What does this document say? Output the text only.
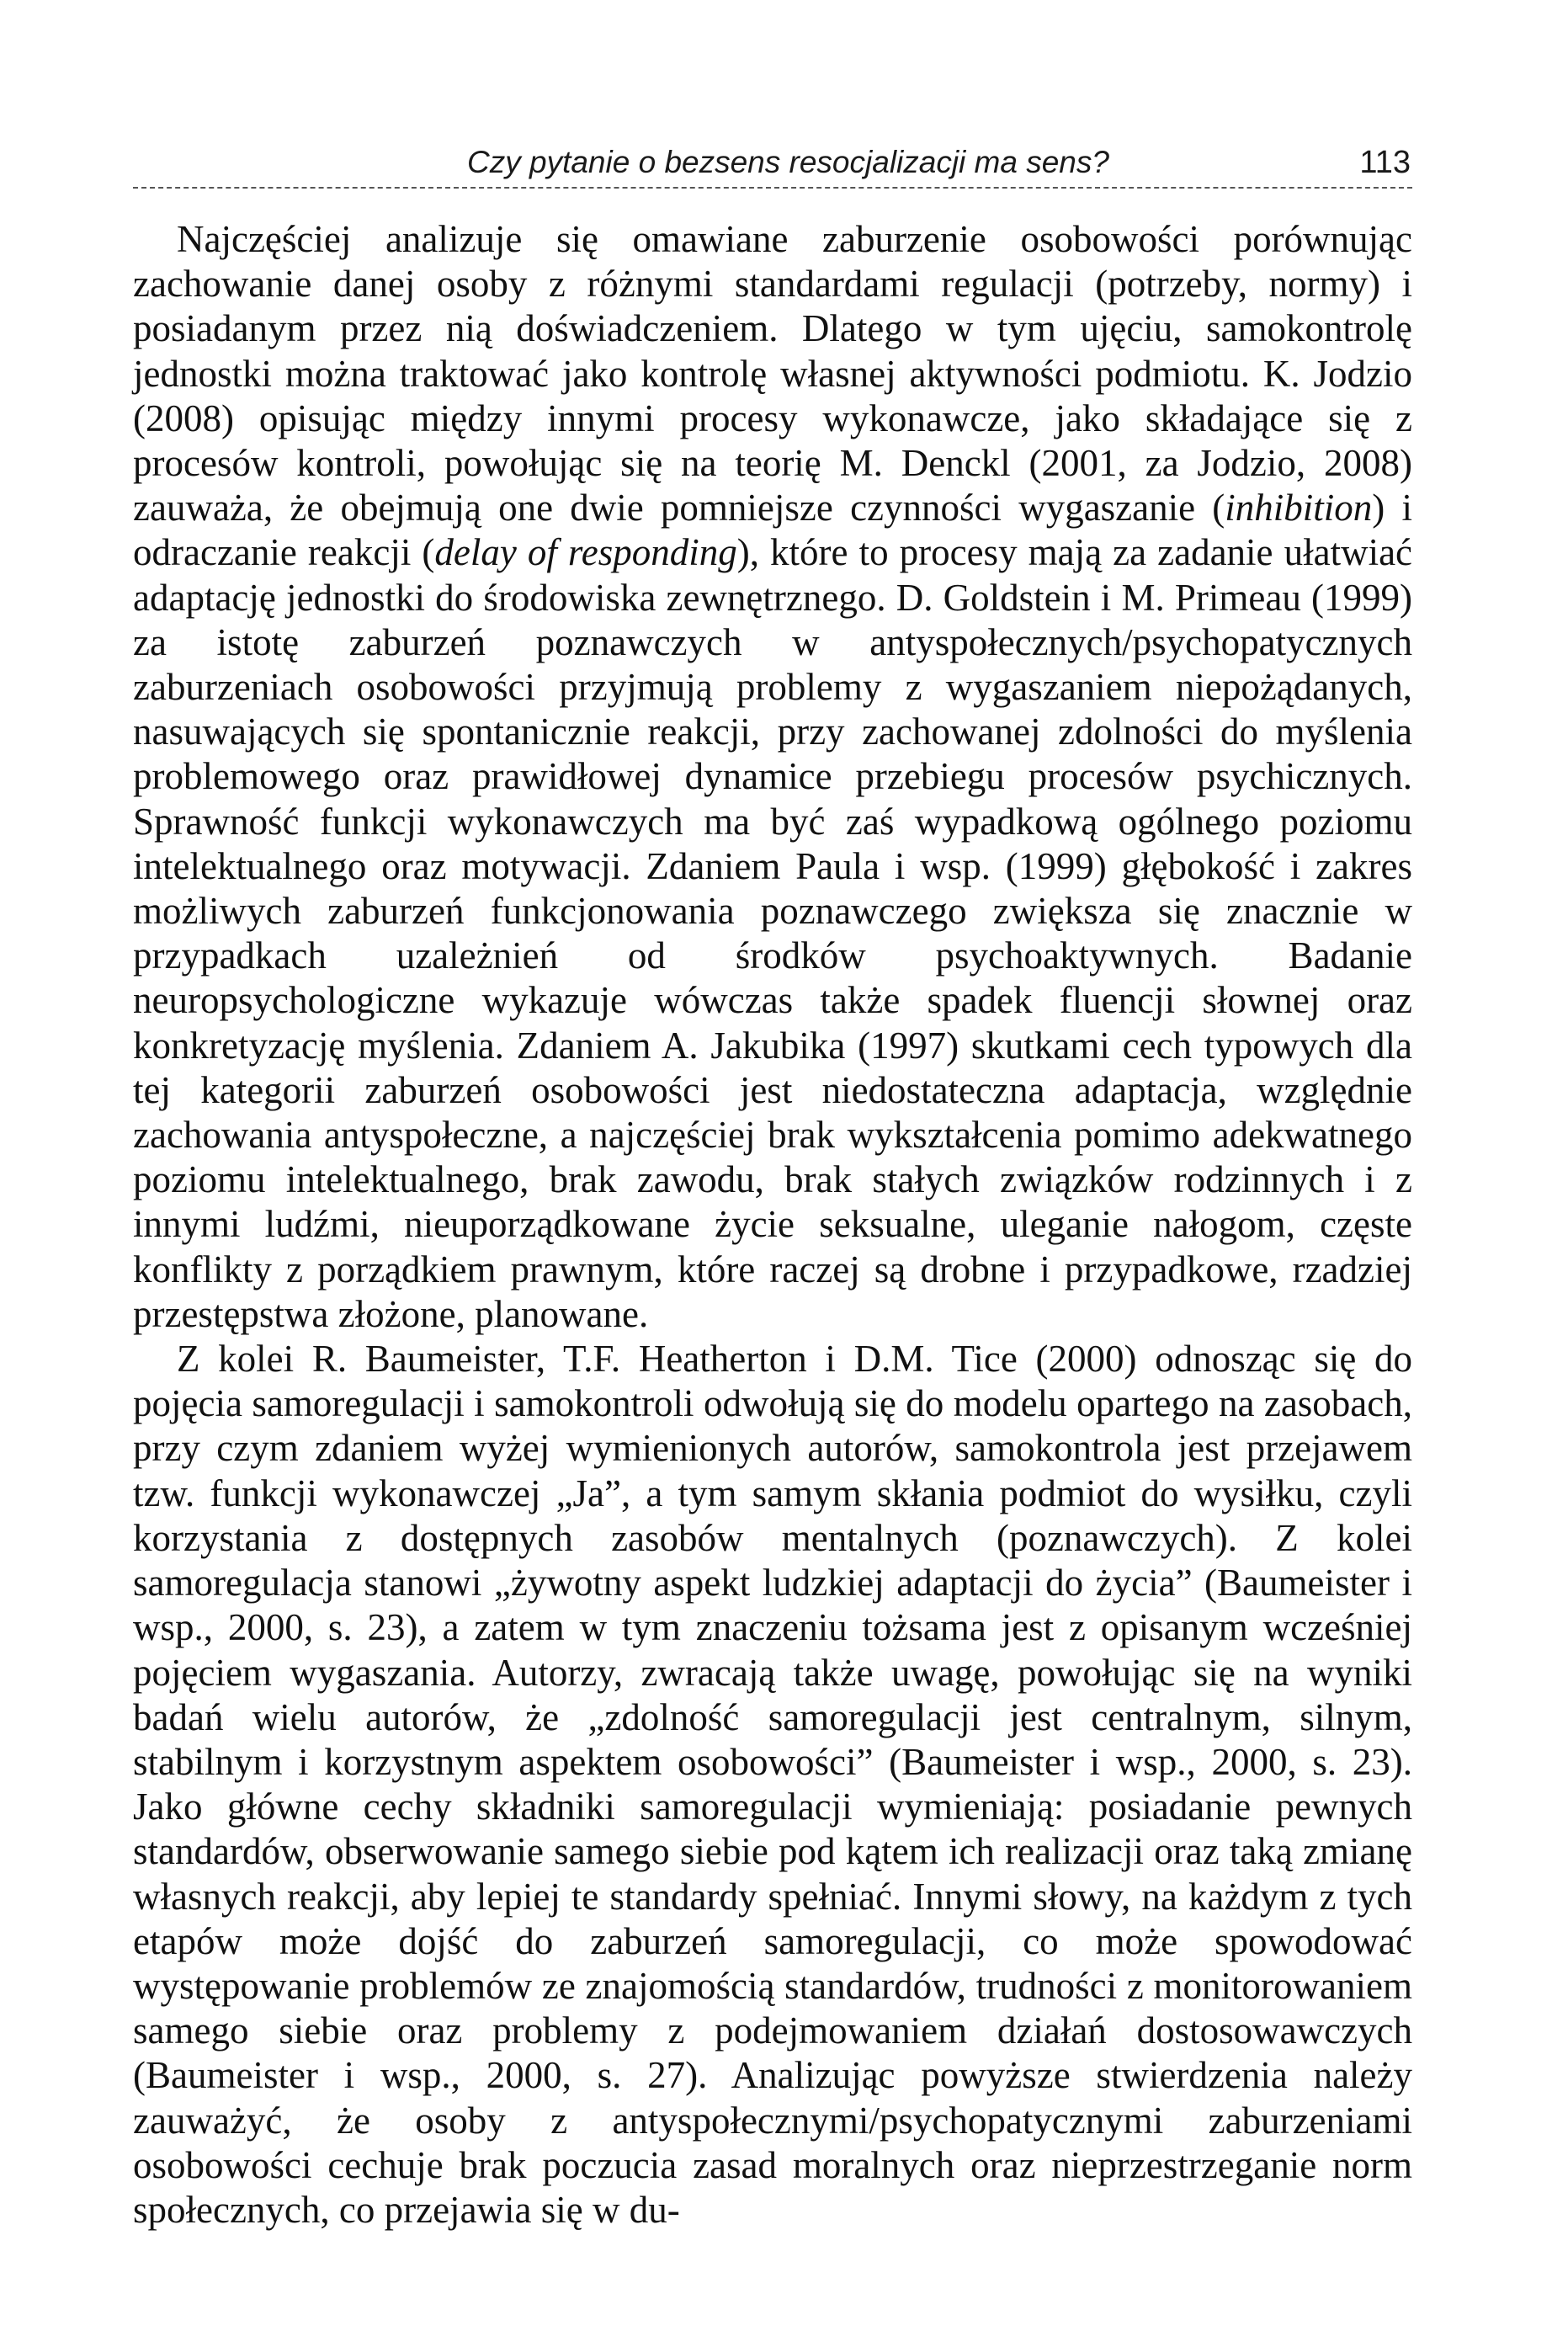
Czy pytanie o bezsens resocjalizacji ma sens?	113

Najczęściej analizuje się omawiane zaburzenie osobowości porównując zachowanie danej osoby z różnymi standardami regulacji (potrzeby, normy) i posiadanym przez nią doświadczeniem. Dlatego w tym ujęciu, samokontrolę jednostki można traktować jako kontrolę własnej aktywności podmiotu. K. Jodzio (2008) opisując między innymi procesy wykonawcze, jako składające się z procesów kontroli, powołując się na teorię M. Denckl (2001, za Jodzio, 2008) zauważa, że obejmują one dwie pomniejsze czynności wygaszanie (inhibition) i odraczanie reakcji (delay of responding), które to procesy mają za zadanie ułatwiać adaptację jednostki do środowiska zewnętrznego. D. Goldstein i M. Primeau (1999) za istotę zaburzeń poznawczych w antyspołecznych/psychopatycznych zaburzeniach osobowości przyjmują problemy z wygaszaniem niepożądanych, nasuwających się spontanicznie reakcji, przy zachowanej zdolności do myślenia problemowego oraz prawidłowej dynamice przebiegu procesów psychicznych. Sprawność funkcji wykonawczych ma być zaś wypadkową ogólnego poziomu intelektualnego oraz motywacji. Zdaniem Paula i wsp. (1999) głębokość i zakres możliwych zaburzeń funkcjonowania poznawczego zwiększa się znacznie w przypadkach uzależnień od środków psychoaktywnych. Badanie neuropsychologiczne wykazuje wówczas także spadek fluencji słownej oraz konkretyzację myślenia. Zdaniem A. Jakubika (1997) skutkami cech typowych dla tej kategorii zaburzeń osobowości jest niedostateczna adaptacja, względnie zachowania antyspołeczne, a najczęściej brak wykształcenia pomimo adekwatnego poziomu intelektualnego, brak zawodu, brak stałych związków rodzinnych i z innymi ludźmi, nieuporządkowane życie seksualne, uleganie nałogom, częste konflikty z porządkiem prawnym, które raczej są drobne i przypadkowe, rzadziej przestępstwa złożone, planowane.

Z kolei R. Baumeister, T.F. Heatherton i D.M. Tice (2000) odnosząc się do pojęcia samoregulacji i samokontroli odwołują się do modelu opartego na zasobach, przy czym zdaniem wyżej wymienionych autorów, samokontrola jest przejawem tzw. funkcji wykonawczej „Ja”, a tym samym skłania podmiot do wysiłku, czyli korzystania z dostępnych zasobów mentalnych (poznawczych). Z kolei samoregulacja stanowi „żywotny aspekt ludzkiej adaptacji do życia” (Baumeister i wsp., 2000, s. 23), a zatem w tym znaczeniu tożsama jest z opisanym wcześniej pojęciem wygaszania. Autorzy, zwracają także uwagę, powołując się na wyniki badań wielu autorów, że „zdolność samoregulacji jest centralnym, silnym, stabilnym i korzystnym aspektem osobowości” (Baumeister i wsp., 2000, s. 23). Jako główne cechy składniki samoregulacji wymieniają: posiadanie pewnych standardów, obserwowanie samego siebie pod kątem ich realizacji oraz taką zmianę własnych reakcji, aby lepiej te standardy spełniać. Innymi słowy, na każdym z tych etapów może dojść do zaburzeń samoregulacji, co może spowodować występowanie problemów ze znajomością standardów, trudności z monitorowaniem samego siebie oraz problemy z podejmowaniem działań dostosowawczych (Baumeister i wsp., 2000, s. 27). Analizując powyższe stwierdzenia należy zauważyć, że osoby z antyspołecznymi/psychopatycznymi zaburzeniami osobowości cechuje brak poczucia zasad moralnych oraz nieprzestrzeganie norm społecznych, co przejawia się w du-
